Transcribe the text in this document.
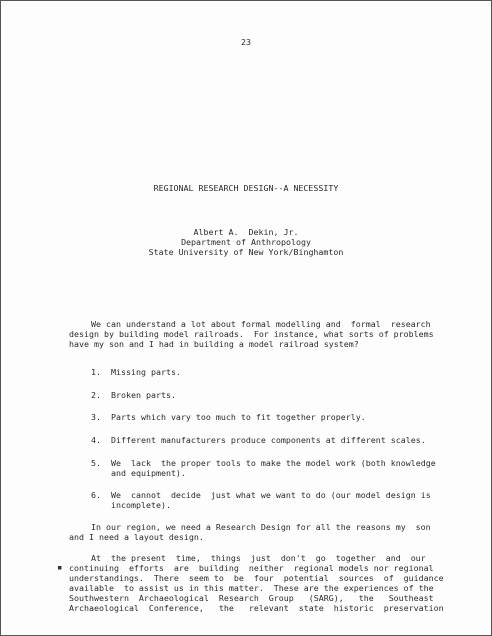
23
REGIONAL RESEARCH DESIGN--A NECESSITY
Albert A.  Dekin, Jr.
Department of Anthropology
State University of New York/Binghamton
We can understand a lot about formal modelling and  formal  research
design by building model railroads.  For instance, what sorts of problems
have my son and I had in building a model railroad system?
1. Missing parts.
2. Broken parts.
3. Parts which vary too much to fit together properly.
4. Different manufacturers produce components at different scales.
5. We  lack  the proper tools to make the model work (both knowledge
and equipment).
6. We  cannot  decide  just what we want to do (our model design is
incomplete).
In our region, we need a Research Design for all the reasons my  son
and I need a layout design.
At  the present  time,  things  just  don't  go  together  and  our
continuing  efforts  are  building  neither  regional models nor regional
understandings.  There  seem to  be  four  potential  sources  of  guidance
available  to assist us in this matter.  These are the experiences of the
Southwestern  Archaeological  Research  Group   (SARG),   the   Southeast
Archaeological  Conference,   the   relevant  state  historic  preservation
▪
